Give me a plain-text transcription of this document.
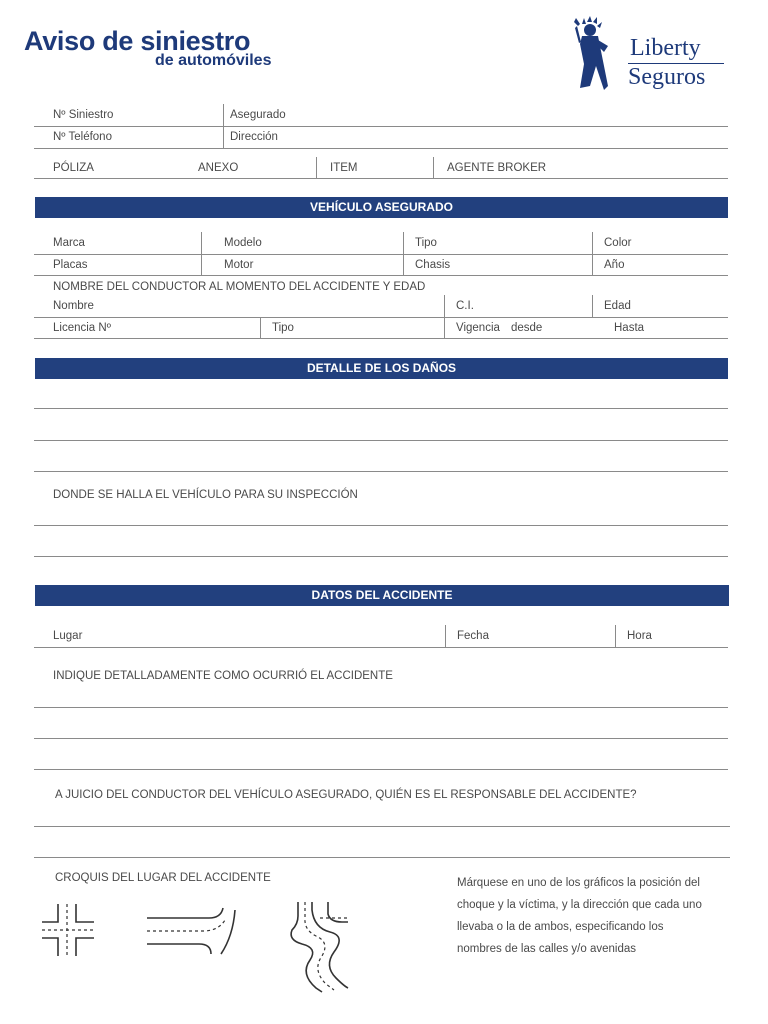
Aviso de siniestro
de automóviles	Liberty
Seguros
Nº Siniestro	Asegurado
Nº Teléfono	Dirección
PÓLIZA	ANEXO	ITEM	AGENTE BROKER
VEHÍCULO ASEGURADO
Marca	Modelo	Tipo	Color
Placas	Motor	Chasis	Año
NOMBRE DEL CONDUCTOR AL MOMENTO DEL ACCIDENTE Y EDAD
Nombre	C.I.	Edad
Licencia Nº	Tipo	Vigencia desde	Hasta
DETALLE DE LOS DAÑOS
DONDE SE HALLA EL VEHÍCULO PARA SU INSPECCIÓN
DATOS DEL ACCIDENTE
Lugar	Fecha	Hora
INDIQUE DETALLADAMENTE COMO OCURRIÓ EL ACCIDENTE
A JUICIO DEL CONDUCTOR DEL VEHÍCULO ASEGURADO, QUIÉN ES EL RESPONSABLE DEL ACCIDENTE?
CROQUIS DEL LUGAR DEL ACCIDENTE	Márquese en uno de los gráficos la posición del choque y la víctima, y la dirección que cada uno llevaba o la de ambos, especificando los nombres de las calles y/o avenidas
